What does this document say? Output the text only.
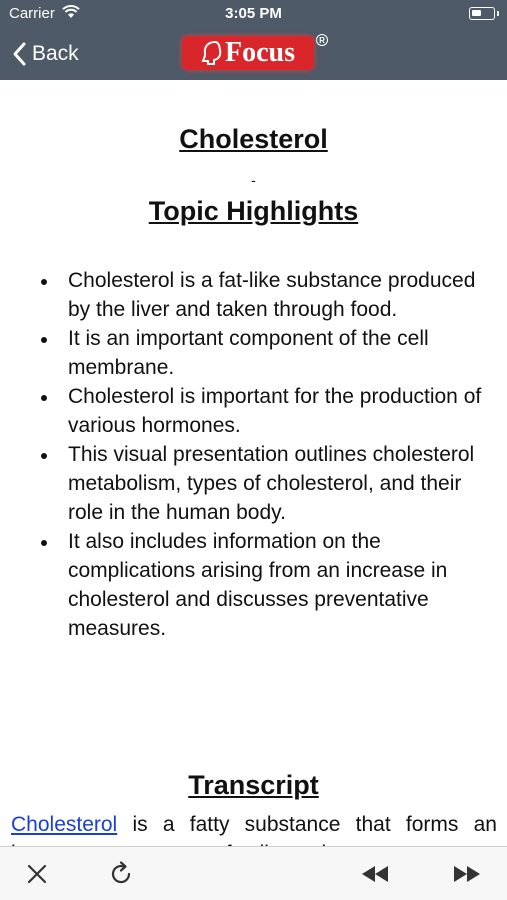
Carrier	3:05 PM
Back	Focus	R
Cholesterol
-
Topic Highlights
Cholesterol is a fat-like substance produced by the liver and taken through food.
It is an important component of the cell membrane.
Cholesterol is important for the production of various hormones.
This visual presentation outlines cholesterol metabolism, types of cholesterol, and their role in the human body.
It also includes information on the complications arising from an increase in cholesterol and discusses preventative measures.
Transcript
Cholesterol is a fatty substance that forms an
